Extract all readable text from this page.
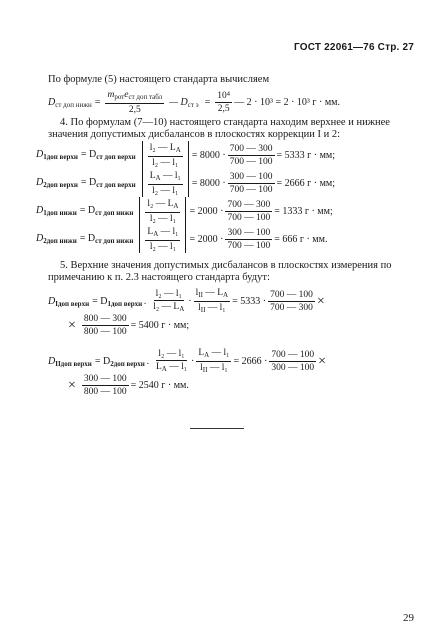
ГОСТ 22061—76 Стр. 27
По формуле (5) настоящего стандарта вычисляем
$D_{ст доп нижн} = \frac{m_{рот}e_{ст доп табл}}{2,5}$ — $D_{ст э} = \frac{\text{10⁴}}{2,5}$ — 2 · 10³ = 2 · 10³ г · мм.
4. По формулам (7—10) настоящего стандарта находим верхнее и нижнее
значения допустимых дисбалансов в плоскостях коррекции I и 2:
$D_{1доп верхн} = D_{ст доп верхн} \frac{l_2 — L_A}{\text{l₂ — l₁}} = 8000 \cdot \frac{700 — 300}{700 — 100} = 5333$ г · мм;
$D_{2доп верхн} = D_{ст доп верхн} \frac{L_A — l_1}{\text{l₂ — l₁}} = 8000 \cdot \frac{300 — 100}{700 — 100} = 2666$ г · мм;
$D_{1доп нижн} = D_{ст доп нижн} \frac{l_2 — L_A}{\text{l₂ — l₁}} = 2000 \cdot \frac{700 — 300}{700 — 100} = 1333$ г · мм;
$D_{2доп нижн} = D_{ст доп нижн} \frac{L_A — l_1}{\text{l₂ — l₁}} = 2000 \cdot \frac{300 — 100}{700 — 100} = 666$ г · мм.
5. Верхние значения допустимых дисбалансов в плоскостях измерения по
примечанию к п. 2.3 настоящего стандарта будут:
$D_{Iдоп верхн} = D_{1доп верхн \cdot} \frac{\text{l₂ — l₁}}{l_2 — L_A} \cdot \frac{l_{II} — L_A}{l_{II} — l_1} = 5333 \cdot \frac{700 — 100}{700 — 300}$ ×
× $\frac{800 — 300}{800 — 100} = 5400$ г · мм;
$D_{IIдоп верхн} = D_{2доп верхн \cdot} \frac{\text{l₂ — l₁}}{L_A — l_1} \cdot \frac{L_A — l_1}{l_{II} — l_1} = 2666 \cdot \frac{700 — 100}{300 — 100}$ ×
× $\frac{300 — 100}{800 — 100} = 2540$ г · мм.
29
